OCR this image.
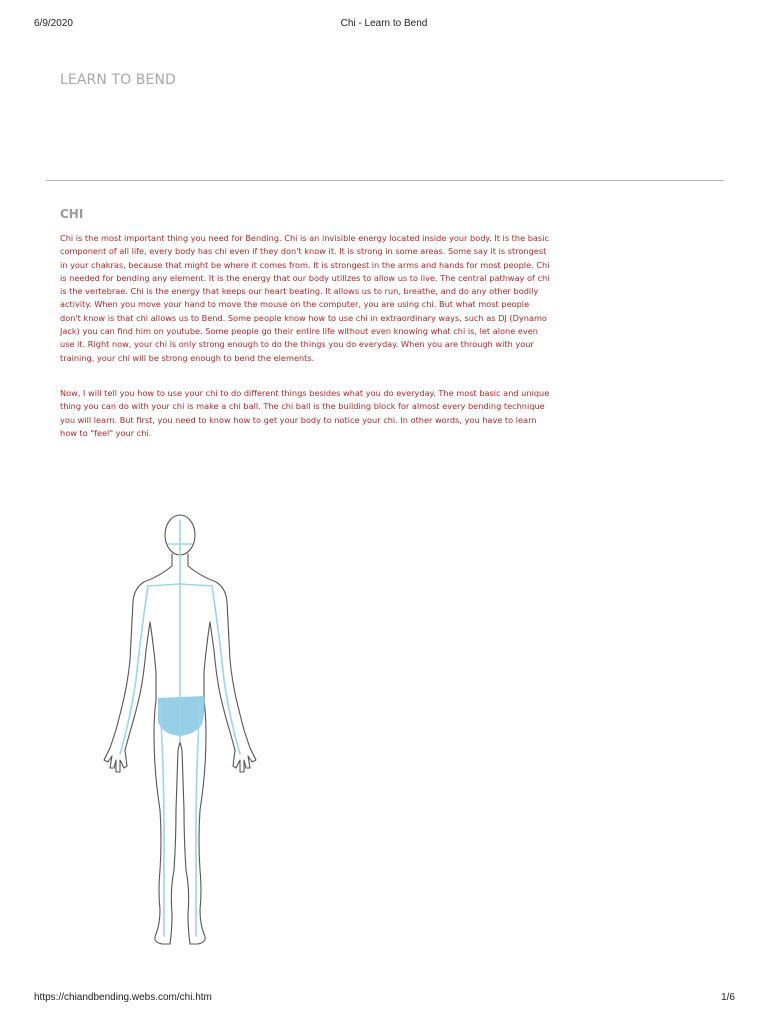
6/9/2020	Chi - Learn to Bend
LEARN TO BEND
CHI

Chi is the most important thing you need for Bending. Chi is an invisible energy located inside your body. It is the basic component of all life, every body has chi even if they don't know it. It is strong in some areas. Some say it is strongest in your chakras, because that might be where it comes from. It is strongest in the arms and hands for most people. Chi is needed for bending any element. It is the energy that our body utilizes to allow us to live. The central pathway of chi is the vertebrae. Chi is the energy that keeps our heart beating. It allows us to run, breathe, and do any other bodily activity. When you move your hand to move the mouse on the computer, you are using chi. But what most people don't know is that chi allows us to Bend. Some people know how to use chi in extraordinary ways, such as DJ (Dynamo Jack) you can find him on youtube. Some people go their entire life without even knowing what chi is, let alone even use it. Right now, your chi is only strong enough to do the things you do everyday. When you are through with your training, your chi will be strong enough to bend the elements.

Now, I will tell you how to use your chi to do different things besides what you do everyday. The most basic and unique thing you can do with your chi is make a chi ball. The chi ball is the building block for almost every bending technique you will learn. But first, you need to know how to get your body to notice your chi. In other words, you have to learn how to "feel" your chi.

https://chiandbending.webs.com/chi.htm	1/6
